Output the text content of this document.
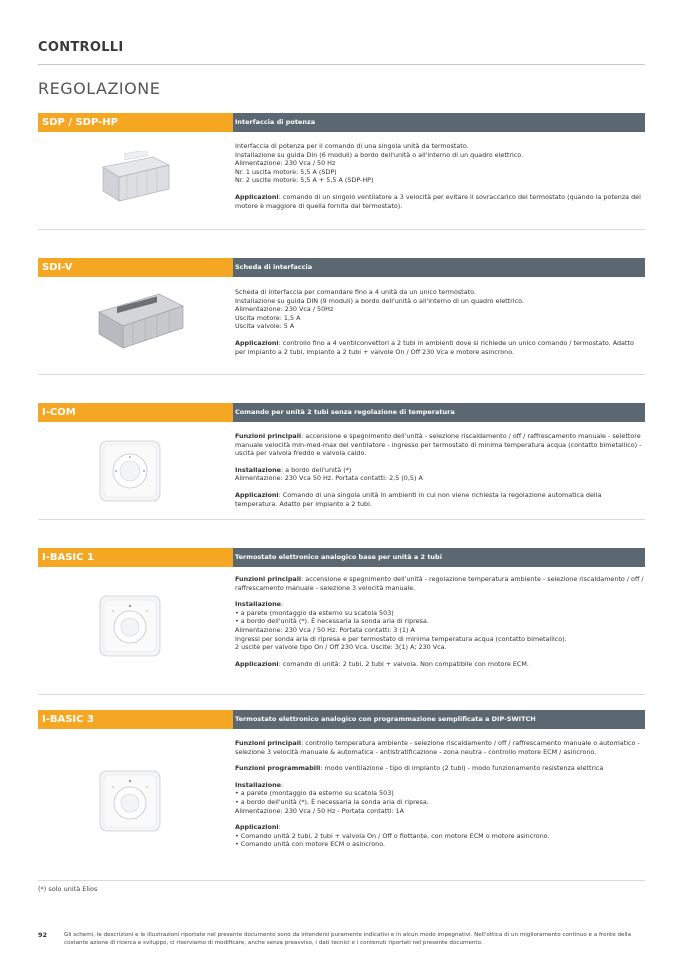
CONTROLLI
REGOLAZIONE
SDP / SDP-HP	Interfaccia di potenza

Interfaccia di potenza per il comando di una singola unità da termostato.

Installazione su guida Din (6 moduli) a bordo dell'unità o all'interno di un quadro elettrico.

Alimentazione: 230 Vca / 50 Hz

Nr. 1 uscita motore: 5,5 A (SDP)

Nr. 2 uscite motore: 5,5 A + 5,5 A (SDP-HP)

Applicazioni: comando di un singolo ventilatore a 3 velocità per evitare il sovraccarico del termostato (quando la potenza del motore è maggiore di quella fornita dal termostato).

SDI-V	Scheda di interfaccia

Scheda di interfaccia per comandare fino a 4 unità da un unico termostato.

Installazione su guida DIN (9 moduli) a bordo dell'unità o all'interno di un quadro elettrico.

Alimentazione: 230 Vca / 50Hz

Uscita motore: 1,5 A

Uscita valvole: 5 A

Applicazioni: controllo fino a 4 ventilconvettori a 2 tubi in ambienti dove si richiede un unico comando / termostato. Adatto per impianto a 2 tubi, impianto a 2 tubi + valvole On / Off 230 Vca e motore asincrono.

I-COM	Comando per unità 2 tubi senza regolazione di temperatura

Funzioni principali: accensione e spegnimento dell'unità - selezione riscaldamento / off / raffrescamento manuale - selettore manuale velocità min-med-max del ventilatore - ingresso per termostato di minima temperatura acqua (contatto bimetallico) - uscita per valvola freddo e valvola caldo.

Installazione: a bordo dell'unità (*)

Alimentazione: 230 Vca 50 Hz. Portata contatti: 2,5 (0,5) A

Applicazioni: Comando di una singola unità in ambienti in cui non viene richiesta la regolazione automatica della temperatura. Adatto per impianto a 2 tubi.

I-BASIC 1	Termostato elettronico analogico base per unità a 2 tubi

Funzioni principali: accensione e spegnimento dell'unità - regolazione temperatura ambiente - selezione riscaldamento / off / raffrescamento manuale - selezione 3 velocità manuale.

Installazione:

• a parete (montaggio da esterno su scatola 503)

• a bordo dell'unità (*). È necessaria la sonda aria di ripresa.

Alimentazione: 230 Vca / 50 Hz. Portata contatti: 3 (1) A

Ingressi per sonda aria di ripresa e per termostato di minima temperatura acqua (contatto bimetallico).

2 uscite per valvole tipo On / Off 230 Vca. Uscite: 3(1) A; 230 Vca.

Applicazioni: comando di unità: 2 tubi, 2 tubi + valvola. Non compatibile con motore ECM.

I-BASIC 3	Termostato elettronico analogico con programmazione semplificata a DIP-SWITCH

Funzioni principali: controllo temperatura ambiente - selezione riscaldamento / off / raffrescamento manuale o automatico - selezione 3 velocità manuale & automatica - antistratificazione - zona neutra - controllo motore ECM / asincrono.

Funzioni programmabili: modo ventilazione - tipo di impianto (2 tubi) - modo funzionamento resistenza elettrica

Installazione:

• a parete (montaggio da esterno su scatola 503)

• a bordo dell'unità (*). È necessaria la sonda aria di ripresa.

Alimentazione: 230 Vca / 50 Hz - Portata contatti: 1A

Applicazioni:

• Comando unità 2 tubi, 2 tubi + valvola On / Off o flottante, con motore ECM o motore asincrono.

• Comando unità con motore ECM o asincrono.

(*) solo unità Elios
92	Gli schemi, le descrizioni e le illustrazioni riportate nel presente documento sono da intendersi puramente indicativi e in alcun modo impegnativi. Nell'ottica di un miglioramento continuo e a fronte della costante azione di ricerca e sviluppo, ci riserviamo di modificare, anche senza preavviso, i dati tecnici e i contenuti riportati nel presente documento.
